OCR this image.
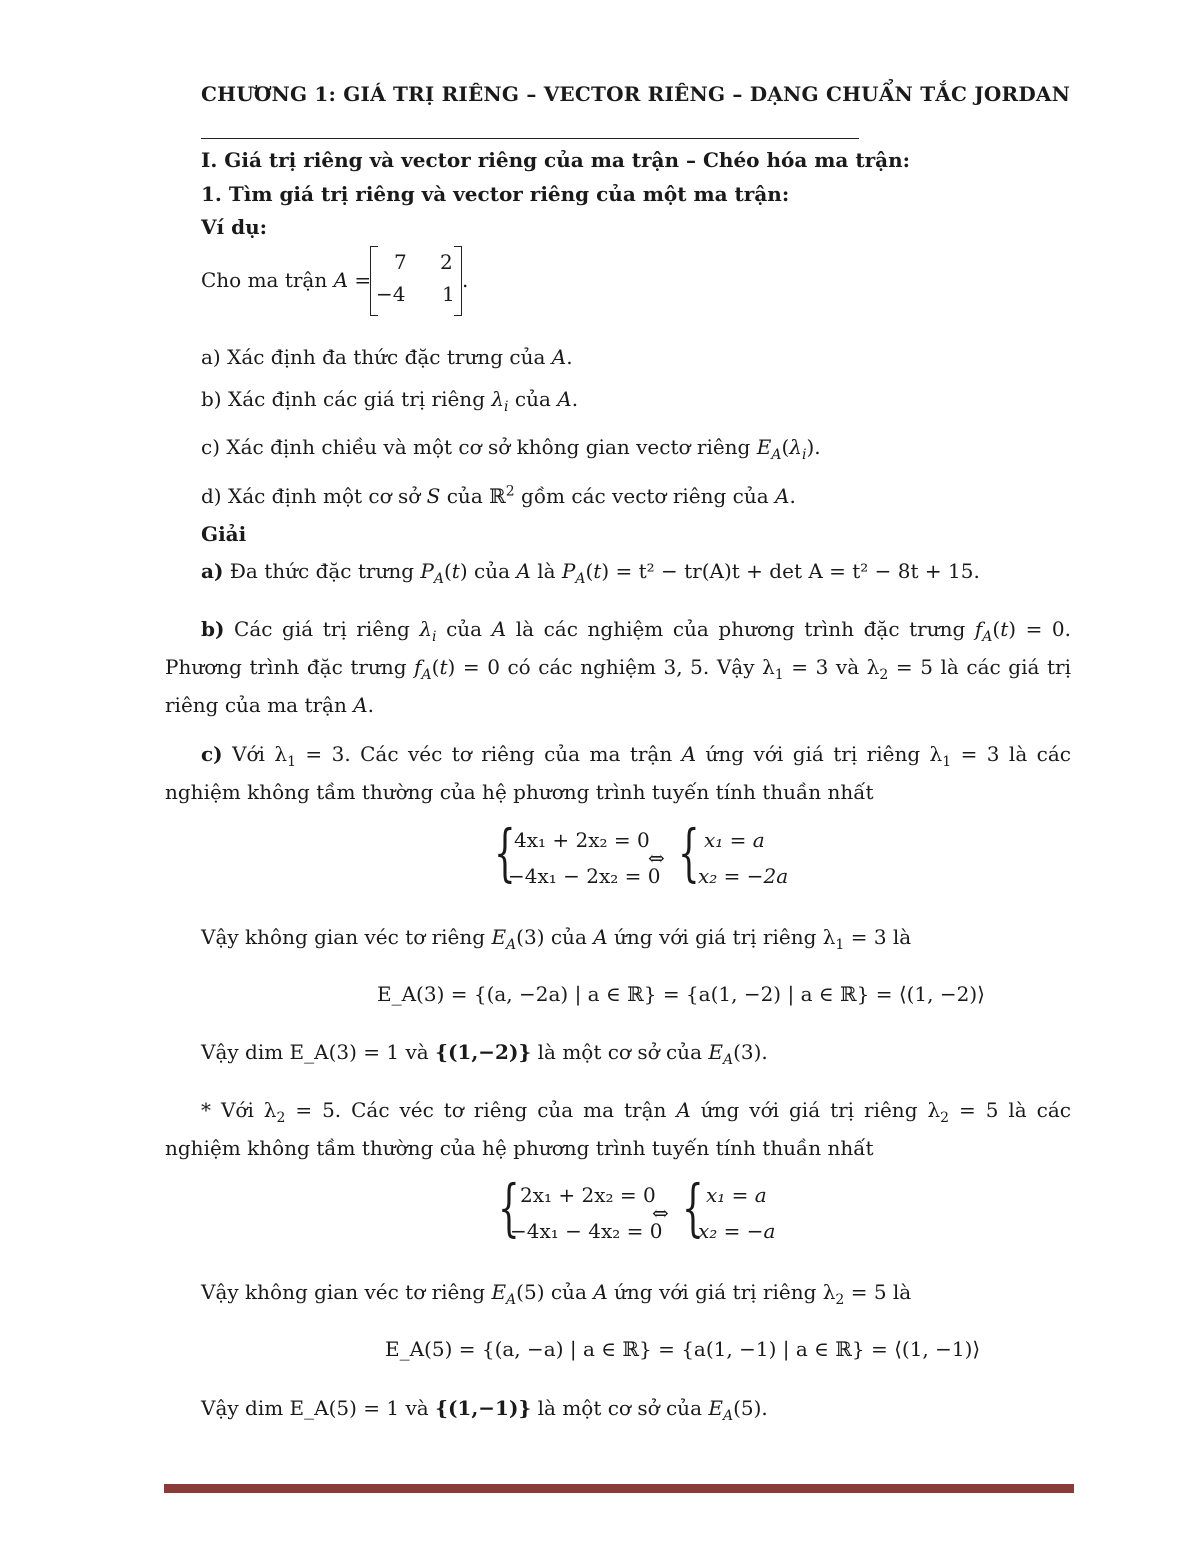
CHƯƠNG 1: GIÁ TRỊ RIÊNG – VECTOR RIÊNG – DẠNG CHUẨN TẮC JORDAN
I. Giá trị riêng và vector riêng của ma trận – Chéo hóa ma trận:
1. Tìm giá trị riêng và vector riêng của một ma trận:
Ví dụ:
Cho ma trận A =
7 2
−4 1
.
a) Xác định đa thức đặc trưng của A.
b) Xác định các giá trị riêng $\lambda_i$ của A.
c) Xác định chiều và một cơ sở không gian vectơ riêng $E_A(\lambda_i)$.
d) Xác định một cơ sở S của ℝ$^2$ gồm các vectơ riêng của A.
Giải
a) Đa thức đặc trưng $P_A(t)$ của A là $P_A(t) = t^2 - tr(A)t + \det A = t^2 - 8t + 15$.
b) Các giá trị riêng $\lambda_i$ của A là các nghiệm của phương trình đặc trưng $f_A(t) = 0$. Phương trình đặc trưng $f_A(t) = 0$ có các nghiệm 3, 5. Vậy $\lambda_1 = 3$ và $\lambda_2 = 5$ là các giá trị riêng của ma trận A.
c) Với $\lambda_1 = 3$. Các véc tơ riêng của ma trận A ứng với giá trị riêng $\lambda_1 = 3$ là các nghiệm không tầm thường của hệ phương trình tuyến tính thuần nhất
{
4x₁ + 2x₂ = 0
−4x₁ − 2x₂ = 0
⇔ { x₁ = a
x₂ = −2a
Vậy không gian véc tơ riêng $E_A(3)$ của A ứng với giá trị riêng $\lambda_1 = 3$ là
E_A(3) = {(a, −2a) | a ∈ ℝ} = {a(1, −2) | a ∈ ℝ} = ⟨(1, −2)⟩
Vậy dim E_A(3) = 1 và {(1,−2)} là một cơ sở của $E_A(3)$.
* Với $\lambda_2 = 5$. Các véc tơ riêng của ma trận A ứng với giá trị riêng $\lambda_2 = 5$ là các nghiệm không tầm thường của hệ phương trình tuyến tính thuần nhất
{ 2x₁ + 2x₂ = 0
−4x₁ − 4x₂ = 0
⇔ { x₁ = a
x₂ = −a
Vậy không gian véc tơ riêng $E_A(5)$ của A ứng với giá trị riêng $\lambda_2 = 5$ là
E_A(5) = {(a, −a) | a ∈ ℝ} = {a(1, −1) | a ∈ ℝ} = ⟨(1, −1)⟩
Vậy dim E_A(5) = 1 và {(1,−1)} là một cơ sở của $E_A(5)$.
